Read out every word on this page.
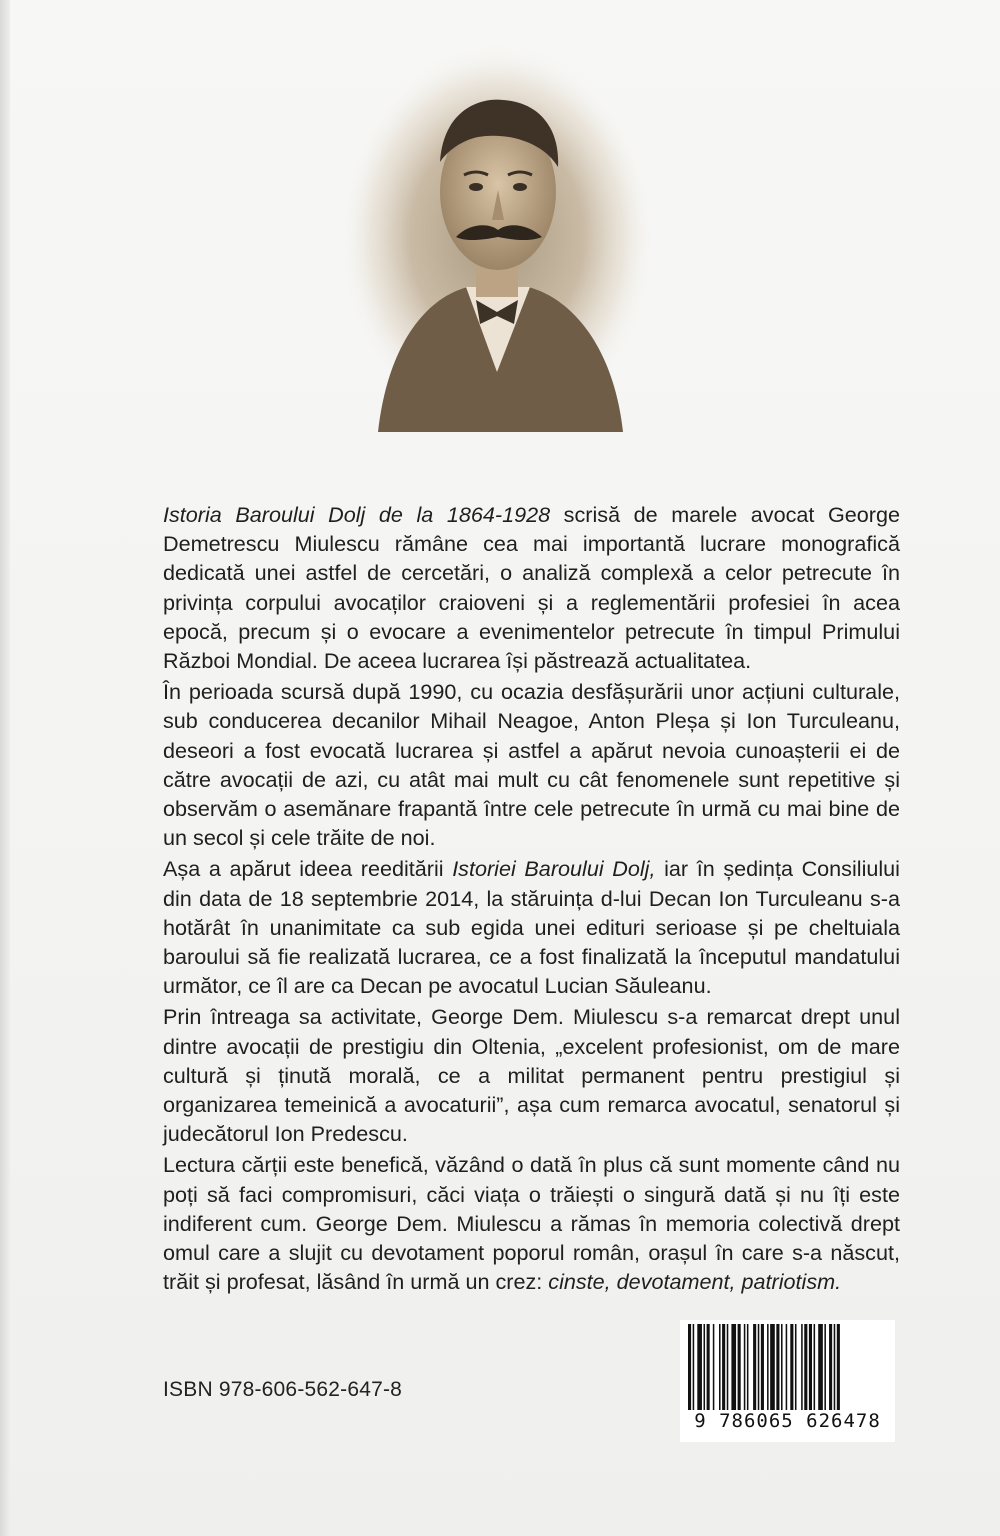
Istoria Baroului Dolj de la 1864-1928 scrisă de marele avocat George Demetrescu Miulescu rămâne cea mai importantă lucrare monografică dedicată unei astfel de cercetări, o analiză complexă a celor petrecute în privința corpului avocaților craioveni și a reglementării profesiei în acea epocă, precum și o evocare a evenimentelor petrecute în timpul Primului Război Mondial. De aceea lucrarea își păstrează actualitatea.

În perioada scursă după 1990, cu ocazia desfășurării unor acțiuni culturale, sub conducerea decanilor Mihail Neagoe, Anton Pleșa și Ion Turculeanu, deseori a fost evocată lucrarea și astfel a apărut nevoia cunoașterii ei de către avocații de azi, cu atât mai mult cu cât fenomenele sunt repetitive și observăm o asemănare frapantă între cele petrecute în urmă cu mai bine de un secol și cele trăite de noi.

Așa a apărut ideea reeditării Istoriei Baroului Dolj, iar în ședința Consiliului din data de 18 septembrie 2014, la stăruința d-lui Decan Ion Turculeanu s-a hotărât în unanimitate ca sub egida unei edituri serioase și pe cheltuiala baroului să fie realizată lucrarea, ce a fost finalizată la începutul mandatului următor, ce îl are ca Decan pe avocatul Lucian Săuleanu.

Prin întreaga sa activitate, George Dem. Miulescu s-a remarcat drept unul dintre avocații de prestigiu din Oltenia, „excelent profesionist, om de mare cultură și ținută morală, ce a militat permanent pentru prestigiul și organizarea temeinică a avocaturii”, așa cum remarca avocatul, senatorul și judecătorul Ion Predescu.

Lectura cărții este benefică, văzând o dată în plus că sunt momente când nu poți să faci compromisuri, căci viața o trăiești o singură dată și nu îți este indiferent cum. George Dem. Miulescu a rămas în memoria colectivă drept omul care a slujit cu devotament poporul român, orașul în care s-a născut, trăit și profesat, lăsând în urmă un crez: cinste, devotament, patriotism.

ISBN 978-606-562-647-8
9 786065 626478
